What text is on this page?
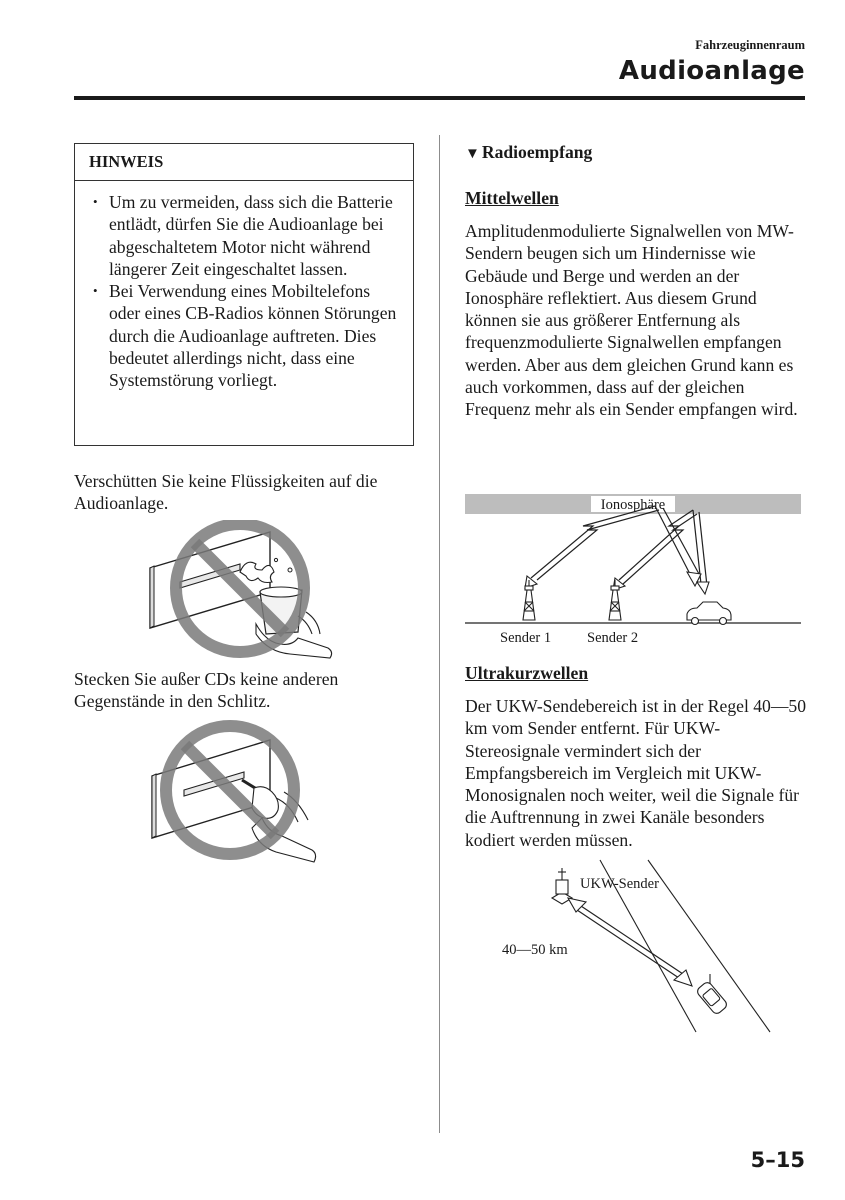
Fahrzeuginnenraum
Audioanlage
HINWEIS
• Um zu vermeiden, dass sich die Batterie entlädt, dürfen Sie die Audioanlage bei abgeschaltetem Motor nicht während längerer Zeit eingeschaltet lassen.
• Bei Verwendung eines Mobiltelefons oder eines CB-Radios können Störungen durch die Audioanlage auftreten. Dies bedeutet allerdings nicht, dass eine Systemstörung vorliegt.
Verschütten Sie keine Flüssigkeiten auf die Audioanlage.
Stecken Sie außer CDs keine anderen Gegenstände in den Schlitz.
▼ Radioempfang
Mittelwellen
Amplitudenmodulierte Signalwellen von MW-Sendern beugen sich um Hindernisse wie Gebäude und Berge und werden an der Ionosphäre reflektiert. Aus diesem Grund können sie aus größerer Entfernung als frequenzmodulierte Signalwellen empfangen werden. Aber aus dem gleichen Grund kann es auch vorkommen, dass auf der gleichen Frequenz mehr als ein Sender empfangen wird.
Ionosphäre
Sender 1 Sender 2
Ultrakurzwellen
Der UKW-Sendebereich ist in der Regel 40—50 km vom Sender entfernt. Für UKW-Stereosignale vermindert sich der Empfangsbereich im Vergleich mit UKW-Monosignalen noch weiter, weil die Signale für die Auftrennung in zwei Kanäle besonders kodiert werden müssen.
UKW-Sender
40—50 km
5–15
